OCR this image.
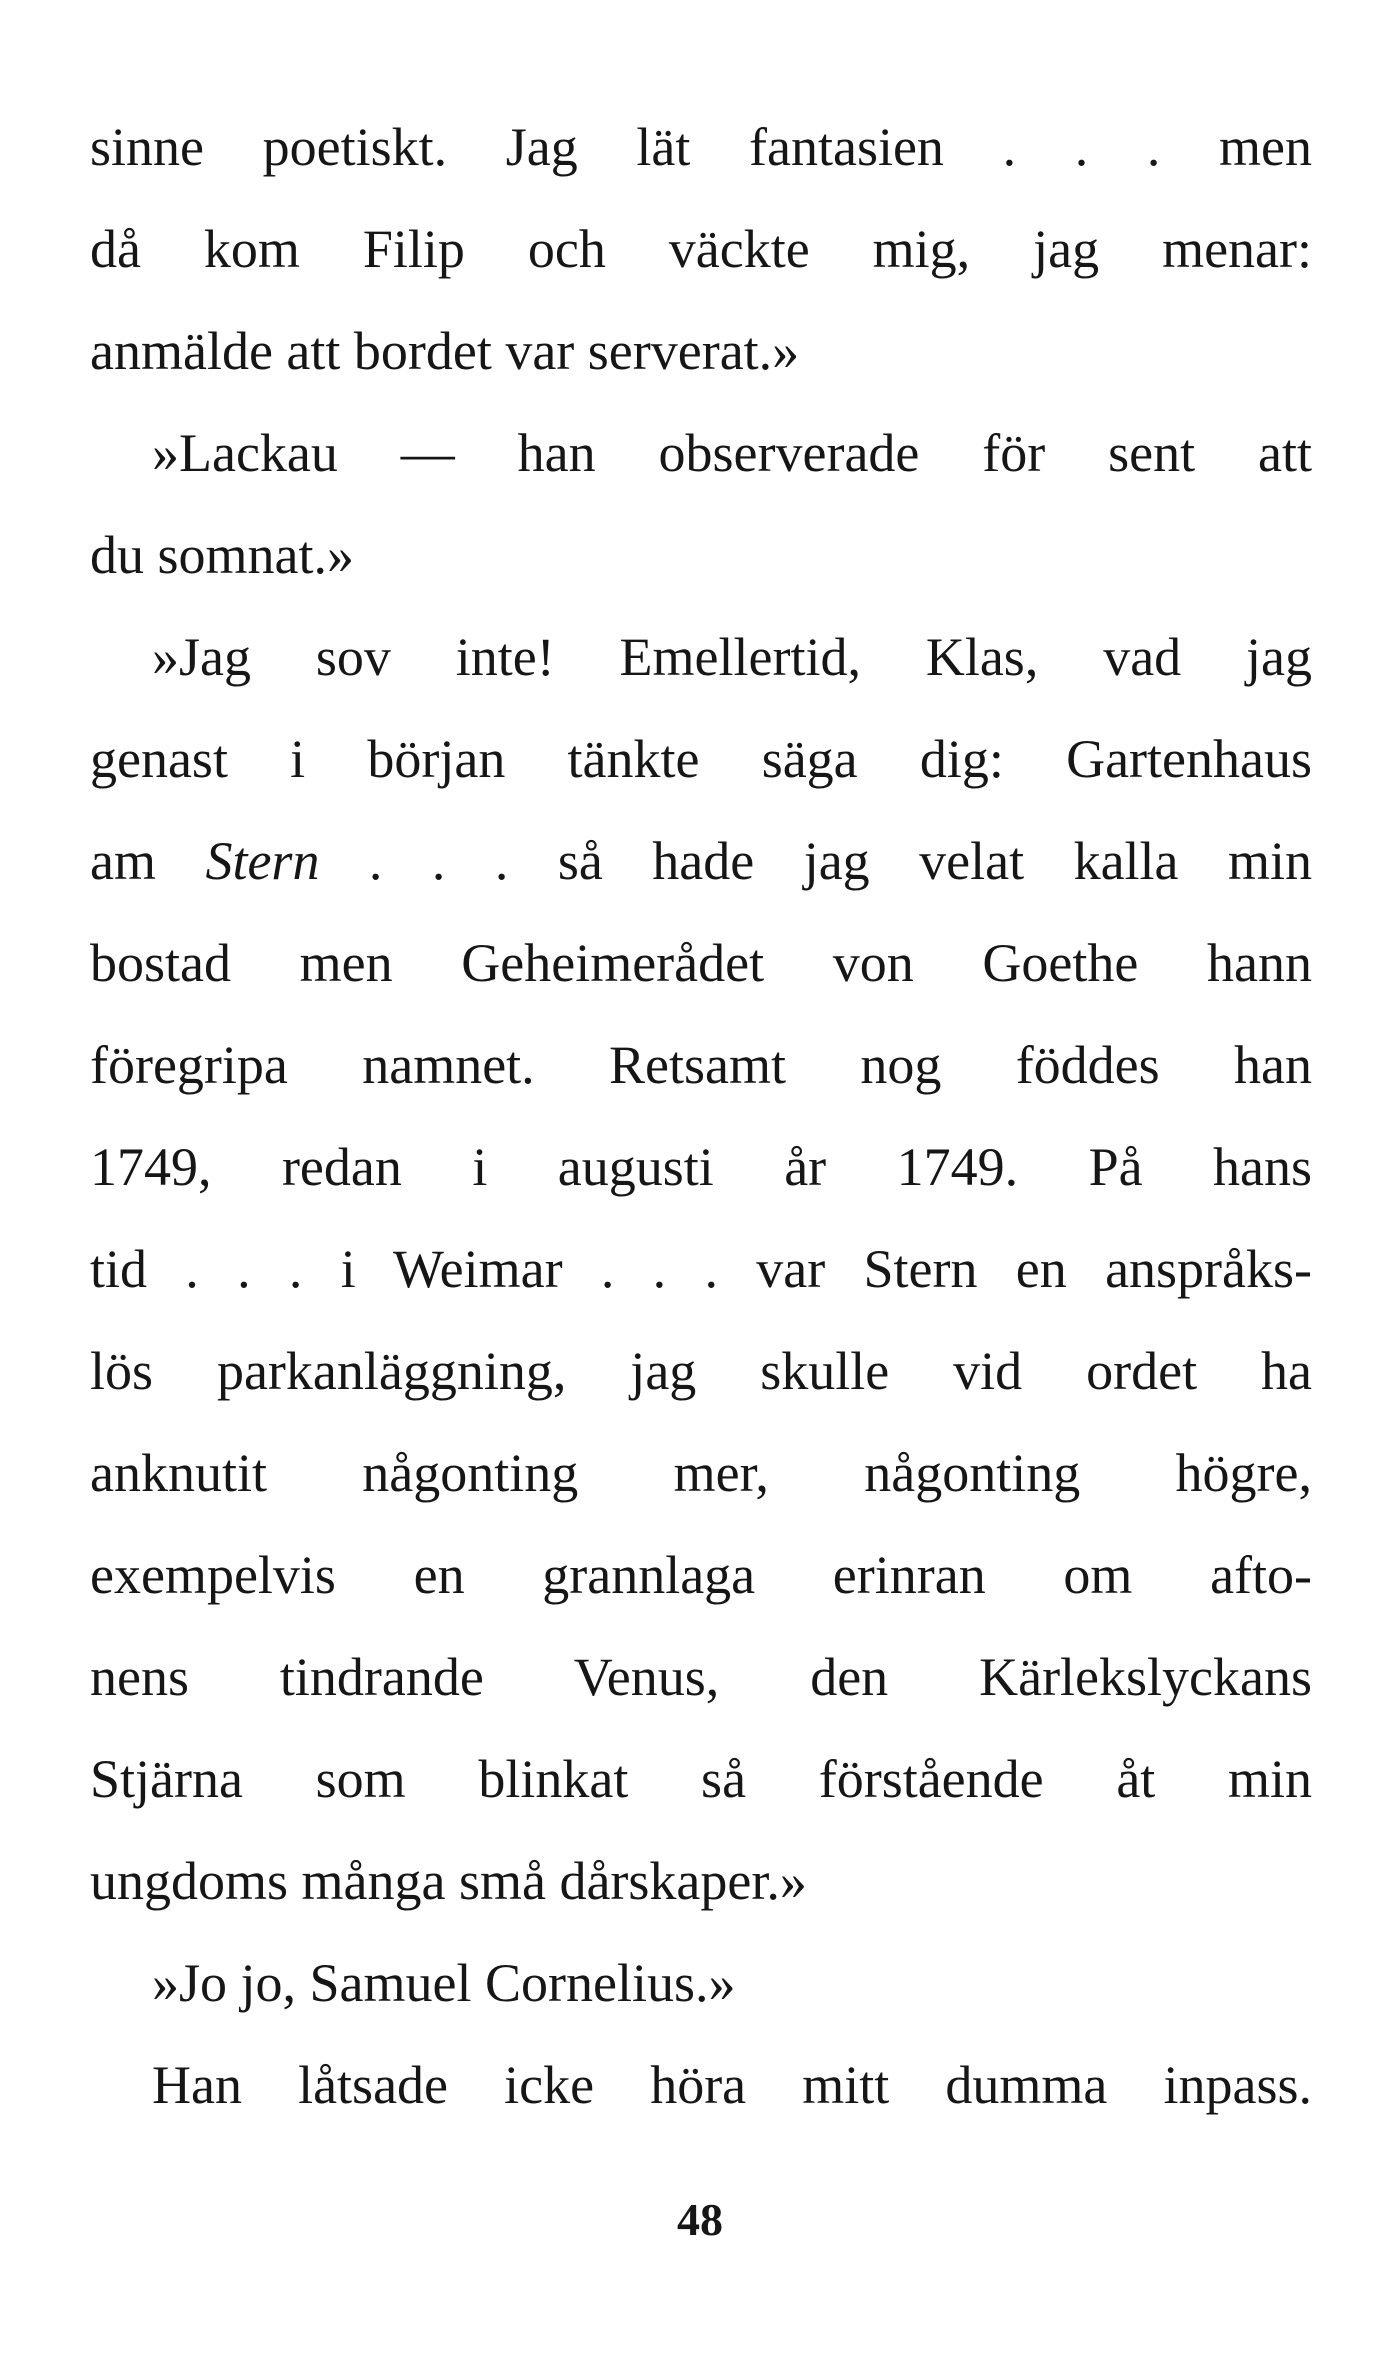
sinne poetiskt. Jag lät fantasien . . . men
då kom Filip och väckte mig, jag menar:
anmälde att bordet var serverat.»
»Lackau — han observerade för sent att
du somnat.»
»Jag sov inte! Emellertid, Klas, vad jag
genast i början tänkte säga dig: Gartenhaus
am Stern . . . så hade jag velat kalla min
bostad men Geheimerådet von Goethe hann
föregripa namnet. Retsamt nog föddes han
1749, redan i augusti år 1749. På hans
tid . . . i Weimar . . . var Stern en anspråks-
lös parkanläggning, jag skulle vid ordet ha
anknutit någonting mer, någonting högre,
exempelvis en grannlaga erinran om afto-
nens tindrande Venus, den Kärlekslyckans
Stjärna som blinkat så förstående åt min
ungdoms många små dårskaper.»
»Jo jo, Samuel Cornelius.»
Han låtsade icke höra mitt dumma inpass.
48
